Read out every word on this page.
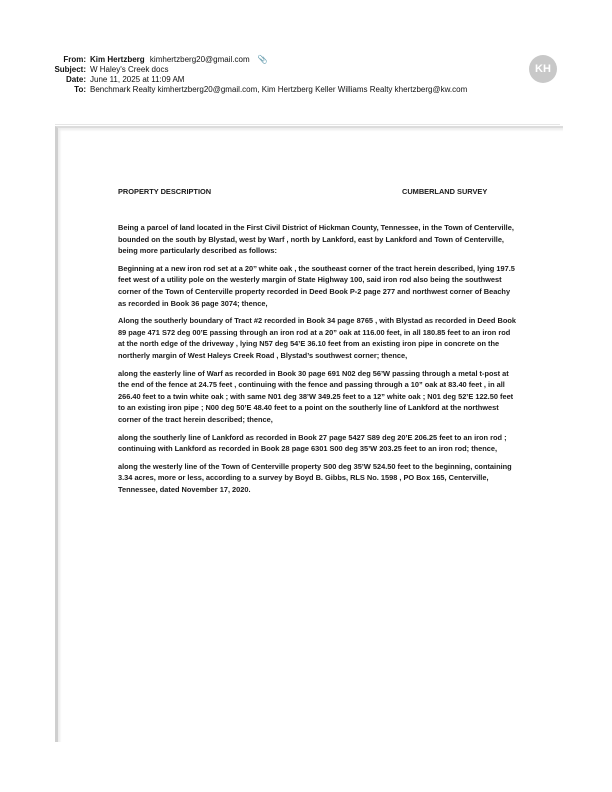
From: Kim Hertzberg kimhertzberg20@gmail.com 📎
Subject: W Haley's Creek docs
Date: June 11, 2025 at 11:09 AM
To: Benchmark Realty kimhertzberg20@gmail.com, Kim Hertzberg Keller Williams Realty khertzberg@kw.com
KH
PROPERTY DESCRIPTION	CUMBERLAND SURVEY

Being a parcel of land located in the First Civil District of Hickman County, Tennessee, in the Town of Centerville, bounded on the south by Blystad, west by Warf , north by Lankford, east by Lankford and Town of Centerville, being more particularly described as follows:

Beginning at a new iron rod set at a 20’’ white oak , the southeast corner of the tract herein described, lying 197.5 feet west of a utility pole on the westerly margin of State Highway 100, said iron rod also being the southwest corner of the Town of Centerville property recorded in Deed Book P-2 page 277 and northwest corner of Beachy as recorded in Book 36 page 3074; thence,

Along the southerly boundary of Tract #2 recorded in Book 34 page 8765 , with Blystad as recorded in Deed Book 89 page 471 S72 deg 00’E passing through an iron rod at a 20” oak at 116.00 feet, in all 180.85 feet to an iron rod at the north edge of the driveway , lying N57 deg 54’E 36.10 feet from an existing iron pipe in concrete on the northerly margin of West Haleys Creek Road , Blystad’s southwest corner; thence,

along the easterly line of Warf as recorded in Book 30 page 691 N02 deg 56’W passing through a metal t-post at the end of the fence at 24.75 feet , continuing with the fence and passing through a 10” oak at 83.40 feet , in all 266.40 feet to a twin white oak ; with same N01 deg 38’W 349.25 feet to a 12” white oak ; N01 deg 52’E 122.50 feet to an existing iron pipe ; N00 deg 50’E 48.40 feet to a point on the southerly line of Lankford at the northwest corner of the tract herein described; thence,

along the southerly line of Lankford as recorded in Book 27 page 5427 S89 deg 20’E 206.25 feet to an iron rod ; continuing with Lankford as recorded in Book 28 page 6301 S00 deg 35’W 203.25 feet to an iron rod; thence,

along the westerly line of the Town of Centerville property S00 deg 35’W 524.50 feet to the beginning, containing 3.34 acres, more or less, according to a survey by Boyd B. Gibbs, RLS No. 1598 , PO Box 165, Centerville, Tennessee, dated November 17, 2020.
